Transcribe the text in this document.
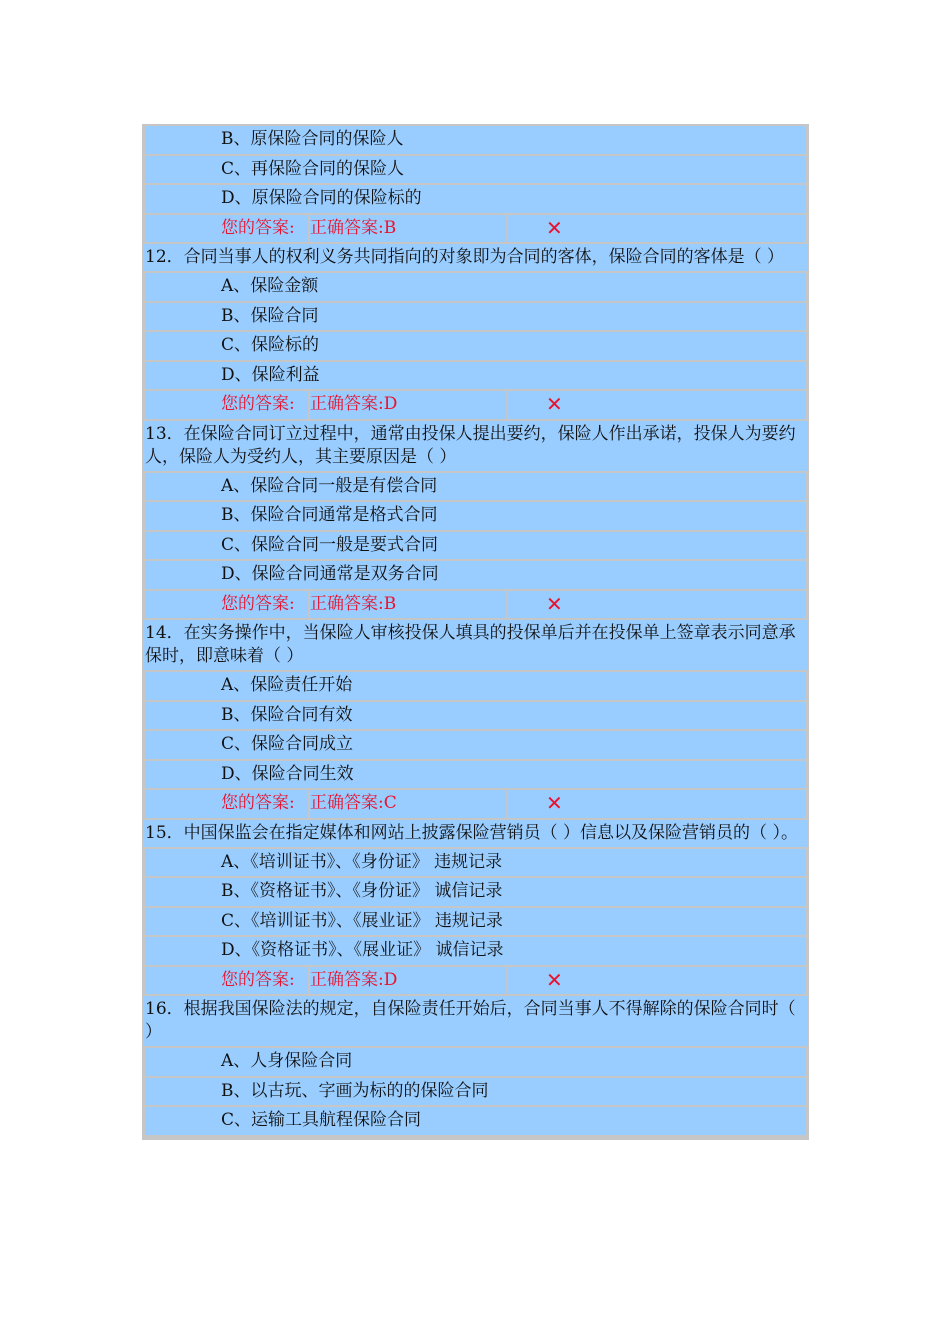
B、原保险合同的保险人
C、再保险合同的保险人
D、原保险合同的保险标的
您的答案: 正确答案:B	✕
12．合同当事人的权利义务共同指向的对象即为合同的客体，保险合同的客体是（ ）
A、保险金额
B、保险合同
C、保险标的
D、保险利益
您的答案: 正确答案:D	✕
13．在保险合同订立过程中，通常由投保人提出要约，保险人作出承诺，投保人为要约人，保险人为受约人，其主要原因是（ ）
A、保险合同一般是有偿合同
B、保险合同通常是格式合同
C、保险合同一般是要式合同
D、保险合同通常是双务合同
您的答案: 正确答案:B	✕
14．在实务操作中，当保险人审核投保人填具的投保单后并在投保单上签章表示同意承保时，即意味着（ ）
A、保险责任开始
B、保险合同有效
C、保险合同成立
D、保险合同生效
您的答案: 正确答案:C	✕
15．中国保监会在指定媒体和网站上披露保险营销员（ ）信息以及保险营销员的（ ）。
A、《培训证书》、《身份证》 违规记录
B、《资格证书》、《身份证》 诚信记录
C、《培训证书》、《展业证》 违规记录
D、《资格证书》、《展业证》 诚信记录
您的答案: 正确答案:D	✕
16．根据我国保险法的规定，自保险责任开始后，合同当事人不得解除的保险合同时（ ）
A、人身保险合同
B、以古玩、字画为标的的保险合同
C、运输工具航程保险合同
